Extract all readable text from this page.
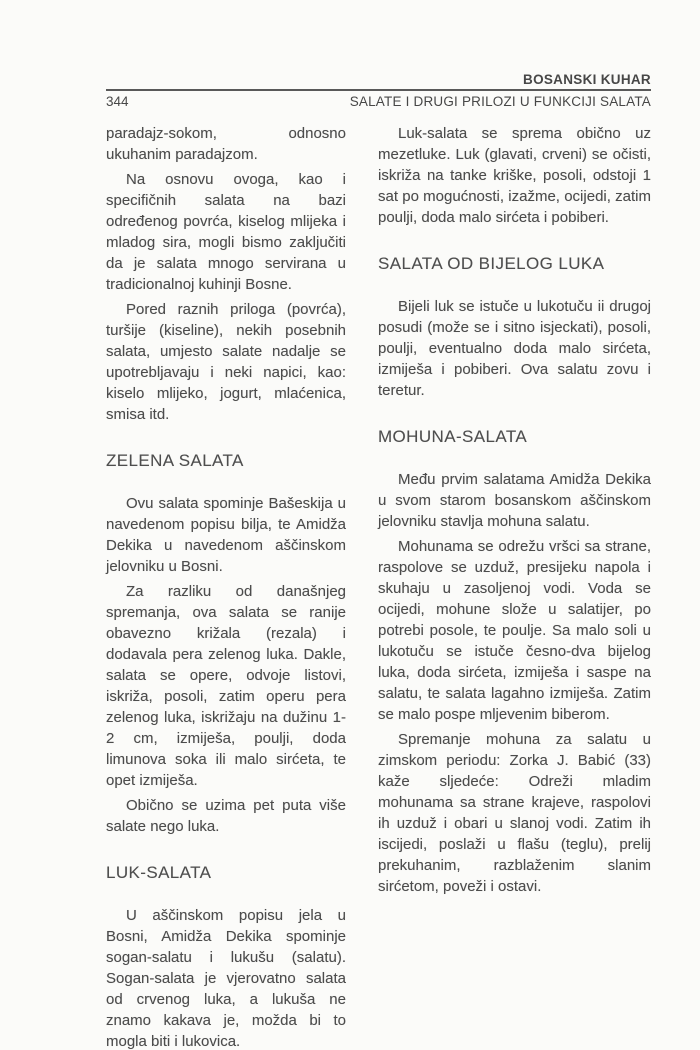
BOSANSKI KUHAR
344	SALATE I DRUGI PRILOZI U FUNKCIJI SALATA

paradajz-sokom, odnosno ukuhanim paradajzom.

Na osnovu ovoga, kao i specifičnih salata na bazi određenog povrća, kiselog mlijeka i mladog sira, mogli bismo zaključiti da je salata mnogo servirana u tradicionalnoj kuhinji Bosne.

Pored raznih priloga (povrća), turšije (kiseline), nekih posebnih salata, umjesto salate nadalje se upotrebljavaju i neki napici, kao: kiselo mlijeko, jogurt, mlaćenica, smisa itd.

ZELENA SALATA

Ovu salata spominje Bašeskija u navedenom popisu bilja, te Amidža Dekika u navedenom aščinskom jelovniku u Bosni.

Za razliku od današnjeg spremanja, ova salata se ranije obavezno križala (rezala) i dodavala pera zelenog luka. Dakle, salata se opere, odvoje listovi, iskriža, posoli, zatim operu pera zelenog luka, iskrižaju na dužinu 1-2 cm, izmiješa, poulji, doda limunova soka ili malo sirćeta, te opet izmiješa.

Obično se uzima pet puta više salate nego luka.

LUK-SALATA

U aščinskom popisu jela u Bosni, Amidža Dekika spominje sogan-salatu i lukušu (salatu). Sogan-salata je vjerovatno salata od crvenog luka, a lukuša ne znamo kakava je, možda bi to mogla biti i lukovica.

Luk-salata se sprema obično uz mezetluke. Luk (glavati, crveni) se očisti, iskriža na tanke kriške, posoli, odstoji 1 sat po mogućnosti, izažme, ocijedi, zatim poulji, doda malo sirćeta i pobiberi.

SALATA OD BIJELOG LUKA

Bijeli luk se istuče u lukotuču ii drugoj posudi (može se i sitno isjeckati), posoli, poulji, eventualno doda malo sirćeta, izmiješa i pobiberi. Ova salatu zovu i teretur.

MOHUNA-SALATA

Među prvim salatama Amidža Dekika u svom starom bosanskom aščinskom jelovniku stavlja mohuna salatu.

Mohunama se odrežu vršci sa strane, raspolove se uzduž, presijeku napola i skuhaju u zasoljenoj vodi. Voda se ocijedi, mohune slože u salatijer, po potrebi posole, te poulje. Sa malo soli u lukotuču se istuče česno-dva bijelog luka, doda sirćeta, izmiješa i saspe na salatu, te salata lagahno izmiješa. Zatim se malo pospe mljevenim biberom.

Spremanje mohuna za salatu u zimskom periodu: Zorka J. Babić (33) kaže sljedeće: Odreži mladim mohunama sa strane krajeve, raspolovi ih uzduž i obari u slanoj vodi. Zatim ih iscijedi, poslaži u flašu (teglu), prelij prekuhanim, razblaženim slanim sirćetom, poveži i ostavi.
